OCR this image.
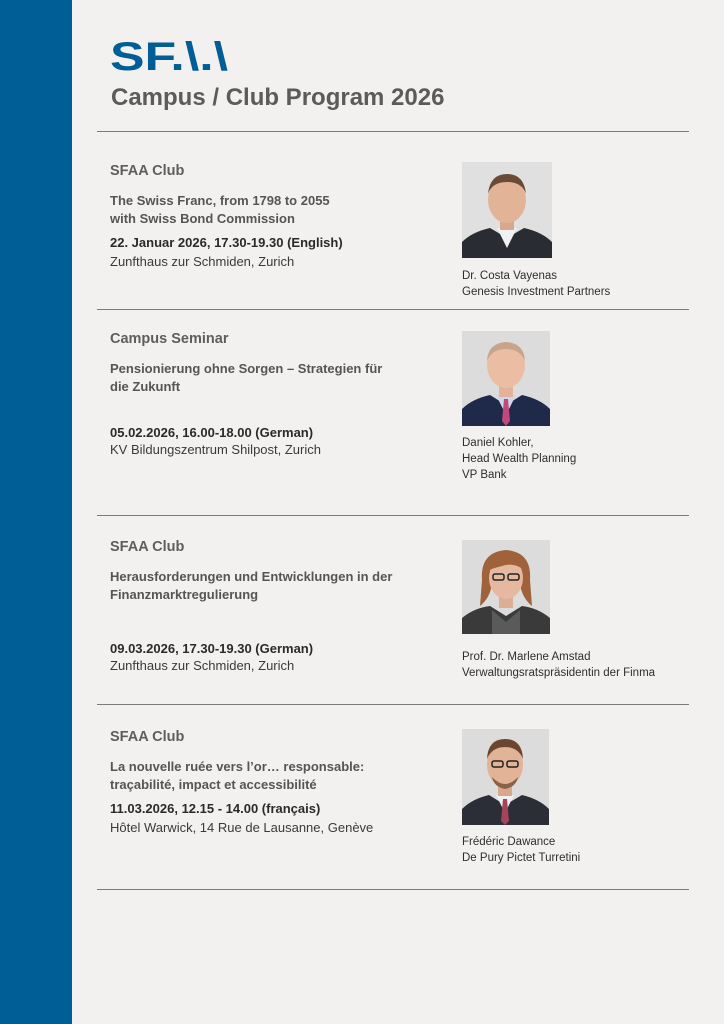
SF.\.\
Campus / Club Program 2026
SFAA Club
The Swiss Franc, from 1798 to 2055 with Swiss Bond Commission
22. Januar 2026, 17.30-19.30 (English)
Zunfthaus zur Schmiden, Zurich
Dr. Costa Vayenas
Genesis Investment Partners
Campus Seminar
Pensionierung ohne Sorgen – Strategien für die Zukunft
05.02.2026, 16.00-18.00 (German)
KV Bildungszentrum Shilpost, Zurich	Daniel Kohler,
Head Wealth Planning
VP Bank
SFAA Club
Herausforderungen und Entwicklungen in der Finanzmarktregulierung
09.03.2026, 17.30-19.30 (German)
Zunfthaus zur Schmiden, Zurich
Prof. Dr. Marlene Amstad
Verwaltungsratspräsidentin der Finma
SFAA Club
La nouvelle ruée vers l’or… responsable: traçabilité, impact et accessibilité
11.03.2026, 12.15 - 14.00 (français)
Hôtel Warwick, 14 Rue de Lausanne, Genève
Frédéric Dawance
De Pury Pictet Turretini
